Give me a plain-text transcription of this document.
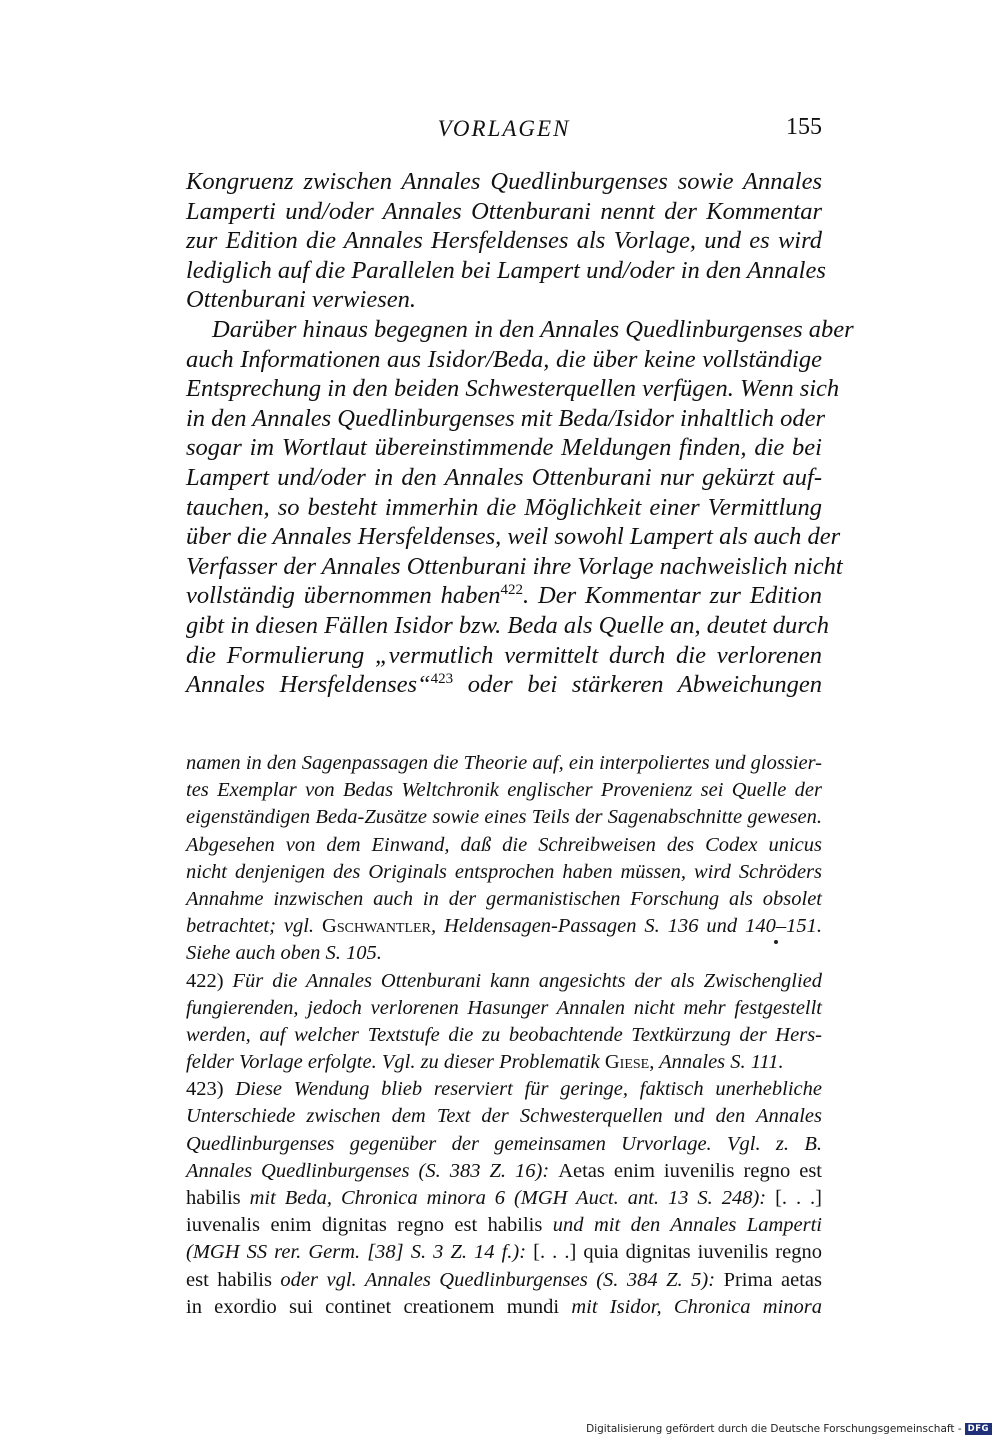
VORLAGEN	155
Kongruenz zwischen Annales Quedlinburgenses sowie Annales
Lamperti und/oder Annales Ottenburani nennt der Kommentar
zur Edition die Annales Hersfeldenses als Vorlage, und es wird
lediglich auf die Parallelen bei Lampert und/oder in den Annales
Ottenburani verwiesen.
Darüber hinaus begegnen in den Annales Quedlinburgenses aber
auch Informationen aus Isidor/Beda, die über keine vollständige
Entsprechung in den beiden Schwesterquellen verfügen. Wenn sich
in den Annales Quedlinburgenses mit Beda/Isidor inhaltlich oder
sogar im Wortlaut übereinstimmende Meldungen finden, die bei
Lampert und/oder in den Annales Ottenburani nur gekürzt auf-
tauchen, so besteht immerhin die Möglichkeit einer Vermittlung
über die Annales Hersfeldenses, weil sowohl Lampert als auch der
Verfasser der Annales Ottenburani ihre Vorlage nachweislich nicht
vollständig übernommen haben$^{422}$. Der Kommentar zur Edition
gibt in diesen Fällen Isidor bzw. Beda als Quelle an, deutet durch
die Formulierung „vermutlich vermittelt durch die verlorenen
Annales Hersfeldenses“$^{423}$ oder bei stärkeren Abweichungen
namen in den Sagenpassagen die Theorie auf, ein interpoliertes und glossier-
tes Exemplar von Bedas Weltchronik englischer Provenienz sei Quelle der
eigenständigen Beda-Zusätze sowie eines Teils der Sagenabschnitte gewesen.
Abgesehen von dem Einwand, daß die Schreibweisen des Codex unicus
nicht denjenigen des Originals entsprochen haben müssen, wird Schröders
Annahme inzwischen auch in der germanistischen Forschung als obsolet
betrachtet; vgl. Gschwantler, Heldensagen-Passagen S. 136 und 140–151.
Siehe auch oben S. 105.
422) Für die Annales Ottenburani kann angesichts der als Zwischenglied
fungierenden, jedoch verlorenen Hasunger Annalen nicht mehr festgestellt
werden, auf welcher Textstufe die zu beobachtende Textkürzung der Hers-
felder Vorlage erfolgte. Vgl. zu dieser Problematik Giese, Annales S. 111.
423) Diese Wendung blieb reserviert für geringe, faktisch unerhebliche
Unterschiede zwischen dem Text der Schwesterquellen und den Annales
Quedlinburgenses gegenüber der gemeinsamen Urvorlage. Vgl. z. B.
Annales Quedlinburgenses (S. 383 Z. 16): Aetas enim iuvenilis regno est
habilis mit Beda, Chronica minora 6 (MGH Auct. ant. 13 S. 248): [. . .]
iuvenalis enim dignitas regno est habilis und mit den Annales Lamperti
(MGH SS rer. Germ. [38] S. 3 Z. 14 f.): [. . .] quia dignitas iuvenilis regno
est habilis oder vgl. Annales Quedlinburgenses (S. 384 Z. 5): Prima aetas
in exordio sui continet creationem mundi mit Isidor, Chronica minora
Digitalisierung gefördert durch die Deutsche Forschungsgemeinschaft - DFG
